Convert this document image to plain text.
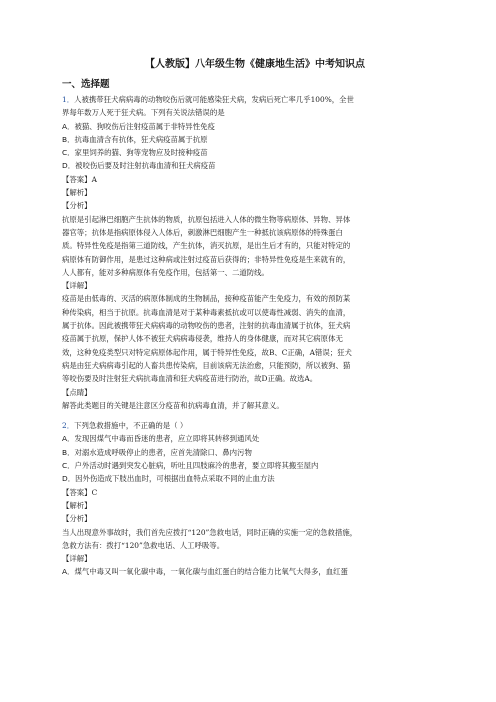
【人教版】八年级生物《健康地生活》中考知识点
一、选择题
1．人被携带狂犬病病毒的动物咬伤后就可能感染狂犬病，发病后死亡率几乎100%，全世
界每年数万人死于狂犬病。下列有关说法错误的是
A．被猫、狗咬伤后注射疫苗属于非特异性免疫
B．抗毒血清含有抗体，狂犬病疫苗属于抗原
C．家里饲养的猫、狗等宠物应及时接种疫苗
D．被咬伤后要及时注射抗毒血清和狂犬病疫苗
【答案】A
【解析】
【分析】
抗原是引起淋巴细胞产生抗体的物质，抗原包括进入人体的微生物等病原体、异物、异体
器官等；抗体是指病原体侵入人体后，刺激淋巴细胞产生一种抵抗该病原体的特殊蛋白
质。特异性免疫是指第三道防线，产生抗体，消灭抗原，是出生后才有的，只能对特定的
病原体有防御作用，是患过这种病或注射过疫苗后获得的；非特异性免疫是生来就有的，
人人都有，能对多种病原体有免疫作用，包括第一、二道防线。
【详解】
疫苗是由低毒的、灭活的病原体制成的生物制品，接种疫苗能产生免疫力，有效的预防某
种传染病，相当于抗原。抗毒血清是对于某种毒素抵抗或可以使毒性减弱、消失的血清，
属于抗体。因此被携带狂犬病病毒的动物咬伤的患者，注射的抗毒血清属于抗体，狂犬病
疫苗属于抗原，保护人体不被狂犬病病毒侵袭，维持人的身体健康，而对其它病原体无
效，这种免疫类型只对特定病原体起作用，属于特异性免疫，故B、C正确，A错误；狂犬
病是由狂犬病病毒引起的人畜共患传染病，目前该病无法治愈，只能预防，所以被狗、猫
等咬伤要及时注射狂犬病抗毒血清和狂犬病疫苗进行防治，故D正确。故选A。
【点睛】
解答此类题目的关键是注意区分疫苗和抗病毒血清，并了解其意义。
2．下列急救措施中，不正确的是（ ）
A．发现因煤气中毒而昏迷的患者，应立即将其转移到通风处
B．对溺水造成呼吸停止的患者，应首先清除口、鼻内污物
C．户外活动时遇到突发心脏病，听吐且四肢麻冷的患者，要立即将其搬至屋内
D．因外伤造成下肢出血时，可根据出血特点采取不同的止血方法
【答案】C
【解析】
【分析】
当人出现意外事故时，我们首先应拨打“120”急救电话，同时正确的实施一定的急救措施，
急救方法有：拨打“120”急救电话、人工呼吸等。
【详解】
A．煤气中毒又叫一氧化碳中毒，一氧化碳与血红蛋白的结合能力比氧气大得多，血红蛋
